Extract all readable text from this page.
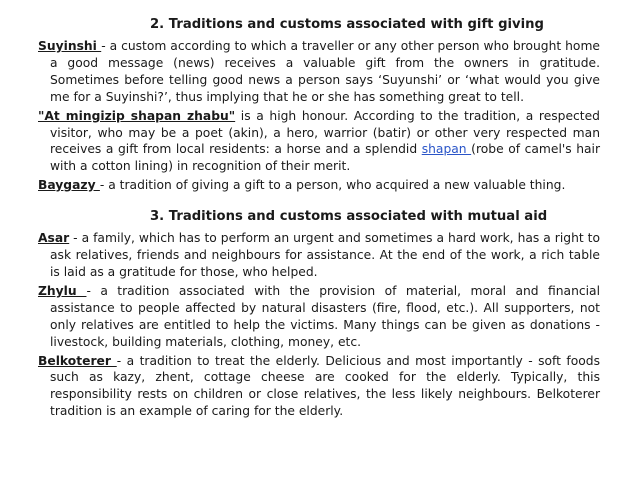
2. Traditions and customs associated with gift giving

Suyinshi - a custom according to which a traveller or any other person who brought home a good message (news) receives a valuable gift from the owners in gratitude. Sometimes before telling good news a person says ‘Suyunshi’ or ‘what would you give me for a Suyinshi?’, thus implying that he or she has something great to tell.

"At mingizip shapan zhabu" is a high honour. According to the tradition, a respected visitor, who may be a poet (akin), a hero, warrior (batir) or other very respected man receives a gift from local residents: a horse and a splendid shapan (robe of camel's hair with a cotton lining) in recognition of their merit.

Baygazy - a tradition of giving a gift to a person, who acquired a new valuable thing.

3. Traditions and customs associated with mutual aid

Asar - a family, which has to perform an urgent and sometimes a hard work, has a right to ask relatives, friends and neighbours for assistance. At the end of the work, a rich table is laid as a gratitude for those, who helped.

Zhylu - a tradition associated with the provision of material, moral and financial assistance to people affected by natural disasters (fire, flood, etc.). All supporters, not only relatives are entitled to help the victims. Many things can be given as donations - livestock, building materials, clothing, money, etc.

Belkoterer - a tradition to treat the elderly. Delicious and most importantly - soft foods such as kazy, zhent, cottage cheese are cooked for the elderly. Typically, this responsibility rests on children or close relatives, the less likely neighbours. Belkoterer tradition is an example of caring for the elderly.
